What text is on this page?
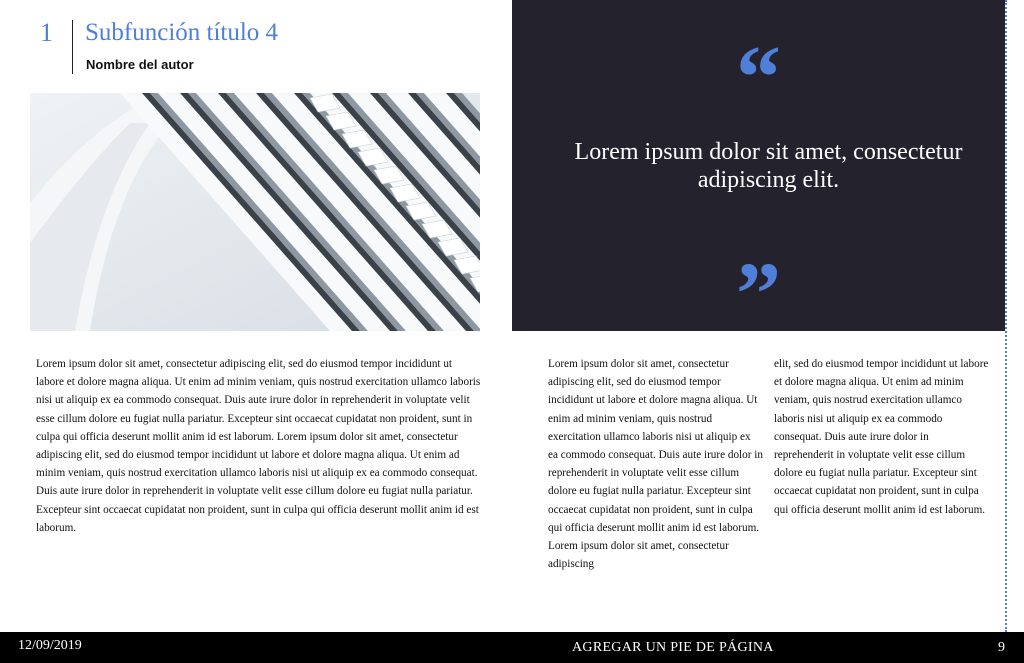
1 Subfunción título 4
Nombre del autor	“
Lorem ipsum dolor sit amet, consectetur adipiscing elit.
”

Lorem ipsum dolor sit amet, consectetur adipiscing elit, sed do eiusmod tempor incididunt ut labore et dolore magna aliqua. Ut enim ad minim veniam, quis nostrud exercitation ullamco laboris nisi ut aliquip ex ea commodo consequat. Duis aute irure dolor in reprehenderit in voluptate velit esse cillum dolore eu fugiat nulla pariatur. Excepteur sint occaecat cupidatat non proident, sunt in culpa qui officia deserunt mollit anim id est laborum. Lorem ipsum dolor sit amet, consectetur adipiscing elit, sed do eiusmod tempor incididunt ut labore et dolore magna aliqua. Ut enim ad minim veniam, quis nostrud exercitation ullamco laboris nisi ut aliquip ex ea commodo consequat. Duis aute irure dolor in reprehenderit in voluptate velit esse cillum dolore eu fugiat nulla pariatur. Excepteur sint occaecat cupidatat non proident, sunt in culpa qui officia deserunt mollit anim id est laborum.

Lorem ipsum dolor sit amet, consectetur adipiscing elit, sed do eiusmod tempor incididunt ut labore et dolore magna aliqua. Ut enim ad minim veniam, quis nostrud exercitation ullamco laboris nisi ut aliquip ex ea commodo consequat. Duis aute irure dolor in reprehenderit in voluptate velit esse cillum dolore eu fugiat nulla pariatur. Excepteur sint occaecat cupidatat non proident, sunt in culpa qui officia deserunt mollit anim id est laborum. Lorem ipsum dolor sit amet, consectetur adipiscing

elit, sed do eiusmod tempor incididunt ut labore et dolore magna aliqua. Ut enim ad minim veniam, quis nostrud exercitation ullamco laboris nisi ut aliquip ex ea commodo consequat. Duis aute irure dolor in reprehenderit in voluptate velit esse cillum dolore eu fugiat nulla pariatur. Excepteur sint occaecat cupidatat non proident, sunt in culpa qui officia deserunt mollit anim id est laborum.

12/09/2019	AGREGAR UN PIE DE PÁGINA	9
